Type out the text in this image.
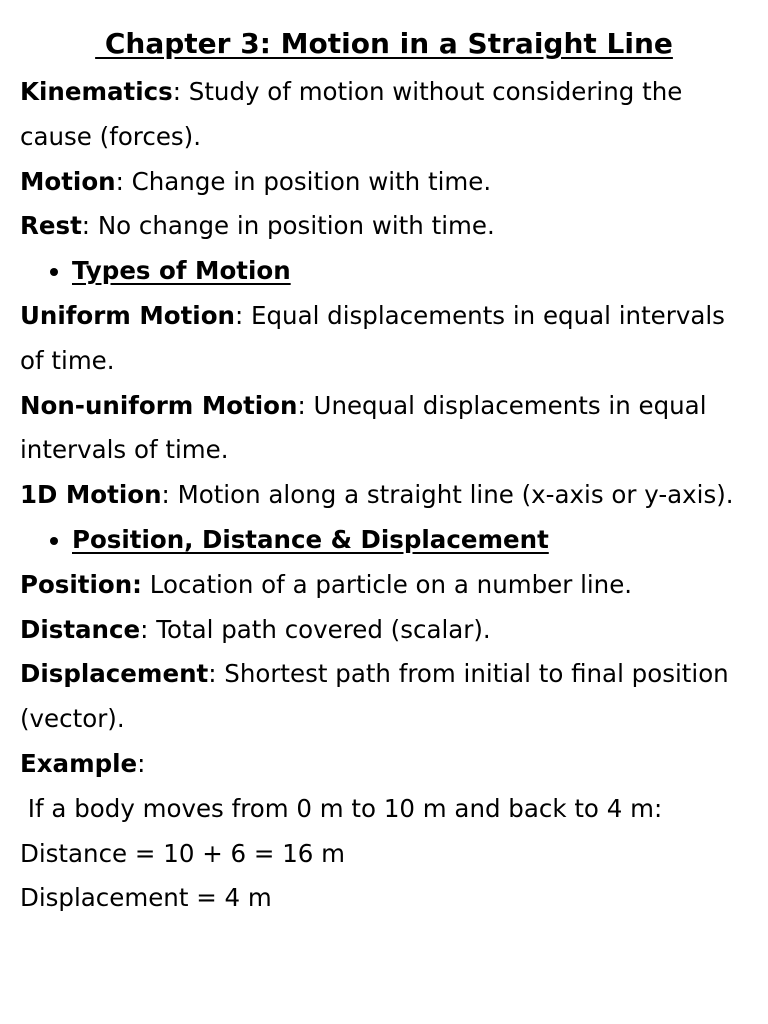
Chapter 3: Motion in a Straight Line

Kinematics: Study of motion without considering the cause (forces).

Motion: Change in position with time.

Rest: No change in position with time.

Types of Motion

Uniform Motion: Equal displacements in equal intervals of time.

Non-uniform Motion: Unequal displacements in equal intervals of time.

1D Motion: Motion along a straight line (x-axis or y-axis).

Position, Distance & Displacement

Position: Location of a particle on a number line.

Distance: Total path covered (scalar).

Displacement: Shortest path from initial to final position (vector).

Example:

If a body moves from 0 m to 10 m and back to 4 m:

Distance = 10 + 6 = 16 m

Displacement = 4 m
